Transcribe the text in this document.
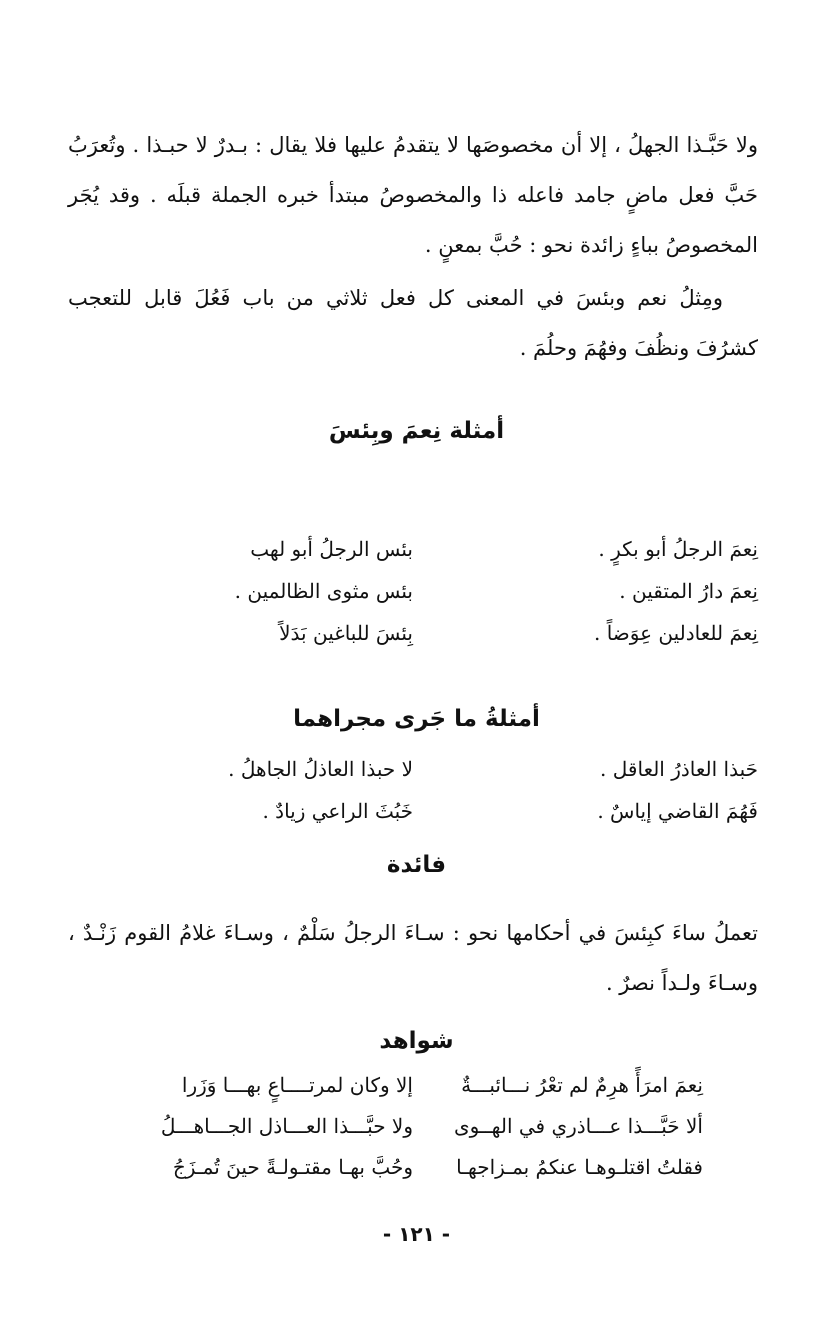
ولا حَبَّـذا الجهلُ ، إلا أن مخصوصَها لا يتقدمُ عليها فلا يقال : بـدرٌ لا حبـذا . وتُعرَبُ حَبَّ فعل ماضٍ جامد فاعله ذا والمخصوصُ مبتدأ خبره الجملة قبلَه . وقد يُجَر المخصوصُ بباءٍ زائدة نحو : حُبَّ بمعنٍ .

ومِثلُ نعم وبئسَ في المعنى كل فعل ثلاثي من باب فَعُلَ قابل للتعجب كشرُفَ ونظُفَ وفهُمَ وحلُمَ .

أمثلة نِعمَ وبِئسَ
نِعمَ الرجلُ أبو بكرٍ .
بئس الرجلُ أبو لهب
نِعمَ دارُ المتقين .
بئس مثوى الظالمين .
نِعمَ للعادلين عِوَضاً .
بِئسَ للباغين بَدَلاً
أمثلةُ ما جَرى مجراهما
حَبذا العاذرُ العاقل .
لا حبذا العاذلُ الجاهلُ .
فَهُمَ القاضي إياسٌ .
خَبُثَ الراعي زيادٌ .
فائدة

تعملُ ساءَ كبِئسَ في أحكامها نحو : سـاءَ الرجلُ سَلْمٌ ، وسـاءَ غلامُ القوم زَنْـدٌ ، وسـاءَ ولـداً نصرٌ .

شواهد
نِعمَ امرَأً هرِمٌ لم تعْرُ نـــائبـــةٌ
إلا وكان لمرتــــاعٍ بهـــا وَزَرا
ألا حَبَّـــذا عـــاذري في الهــوى
ولا حبَّـــذا العـــاذل الجـــاهـــلُ
فقلتُ اقتلـوهـا عنكمُ بمـزاجهـا
وحُبَّ بهـا مقتـولـةً حينَ تُمـزَجُ
- ١٢١ -
